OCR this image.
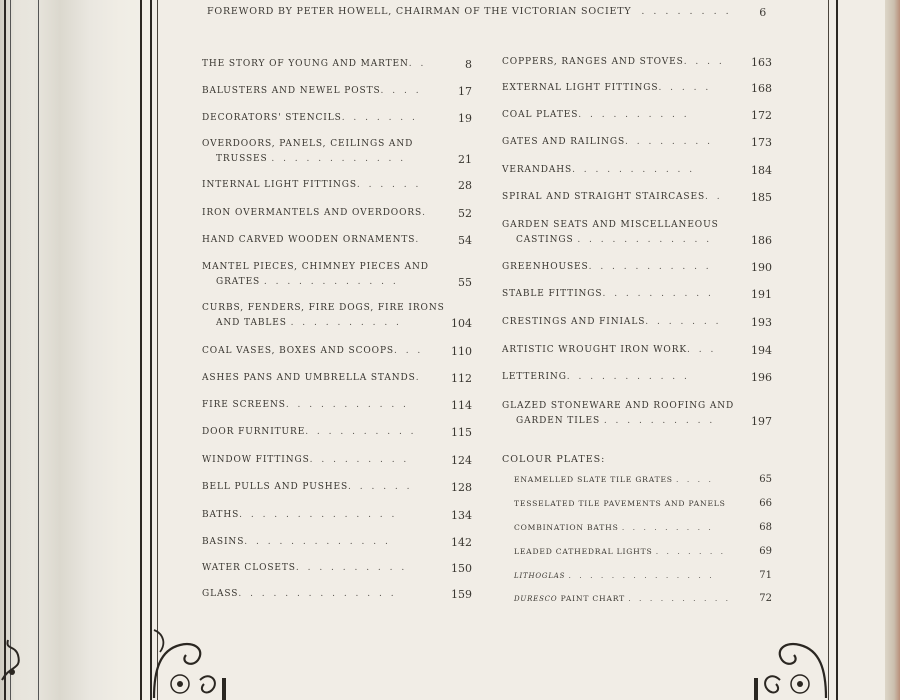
FOREWORD BY PETER HOWELL, CHAIRMAN OF THE VICTORIAN SOCIETY . . . . . . . .	6
THE STORY OF YOUNG AND MARTEN . .	8
BALUSTERS AND NEWEL POSTS . . . .	17
DECORATORS' STENCILS . . . . . . .	19
OVERDOORS, PANELS, CEILINGS AND
TRUSSES . . . . . . . . . . . .	21
INTERNAL LIGHT FITTINGS . . . . . .	28
IRON OVERMANTELS AND OVERDOORS .	52
HAND CARVED WOODEN ORNAMENTS .	54
MANTEL PIECES, CHIMNEY PIECES AND
GRATES . . . . . . . . . . . .	55
CURBS, FENDERS, FIRE DOGS, FIRE IRONS
AND TABLES . . . . . . . . . .	104
COAL VASES, BOXES AND SCOOPS . . .	110
ASHES PANS AND UMBRELLA STANDS .	112
FIRE SCREENS . . . . . . . . . . .	114
DOOR FURNITURE . . . . . . . . . .	115
WINDOW FITTINGS . . . . . . . . .	124
BELL PULLS AND PUSHES . . . . . .	128
BATHS . . . . . . . . . . . . . .	134
BASINS . . . . . . . . . . . . .	142
WATER CLOSETS . . . . . . . . . .	150
GLASS . . . . . . . . . . . . . .	159
COPPERS, RANGES AND STOVES . . . . 163
EXTERNAL LIGHT FITTINGS . . . . .	168
COAL PLATES . . . . . . . . . .	172
GATES AND RAILINGS . . . . . . . .	173
VERANDAHS . . . . . . . . . . .	184
SPIRAL AND STRAIGHT STAIRCASES . .	185
GARDEN SEATS AND MISCELLANEOUS
CASTINGS . . . . . . . . . . . .	186
GREENHOUSES . . . . . . . . . . .	190
STABLE FITTINGS . . . . . . . . . .	191
CRESTINGS AND FINIALS . . . . . . .	193
ARTISTIC WROUGHT IRON WORK . . .	194
LETTERING . . . . . . . . . . .	196
GLAZED STONEWARE AND ROOFING AND
GARDEN TILES . . . . . . . . . .	197
COLOUR PLATES:
ENAMELLED SLATE TILE GRATES . . . .	65
TESSELATED TILE PAVEMENTS AND PANELS	66
COMBINATION BATHS . . . . . . . . .	68
LEADED CATHEDRAL LIGHTS . . . . . . .	69
LITHOGLAS . . . . . . . . . . . . . .	71
DURESCO PAINT CHART . . . . . . . . . .	72
